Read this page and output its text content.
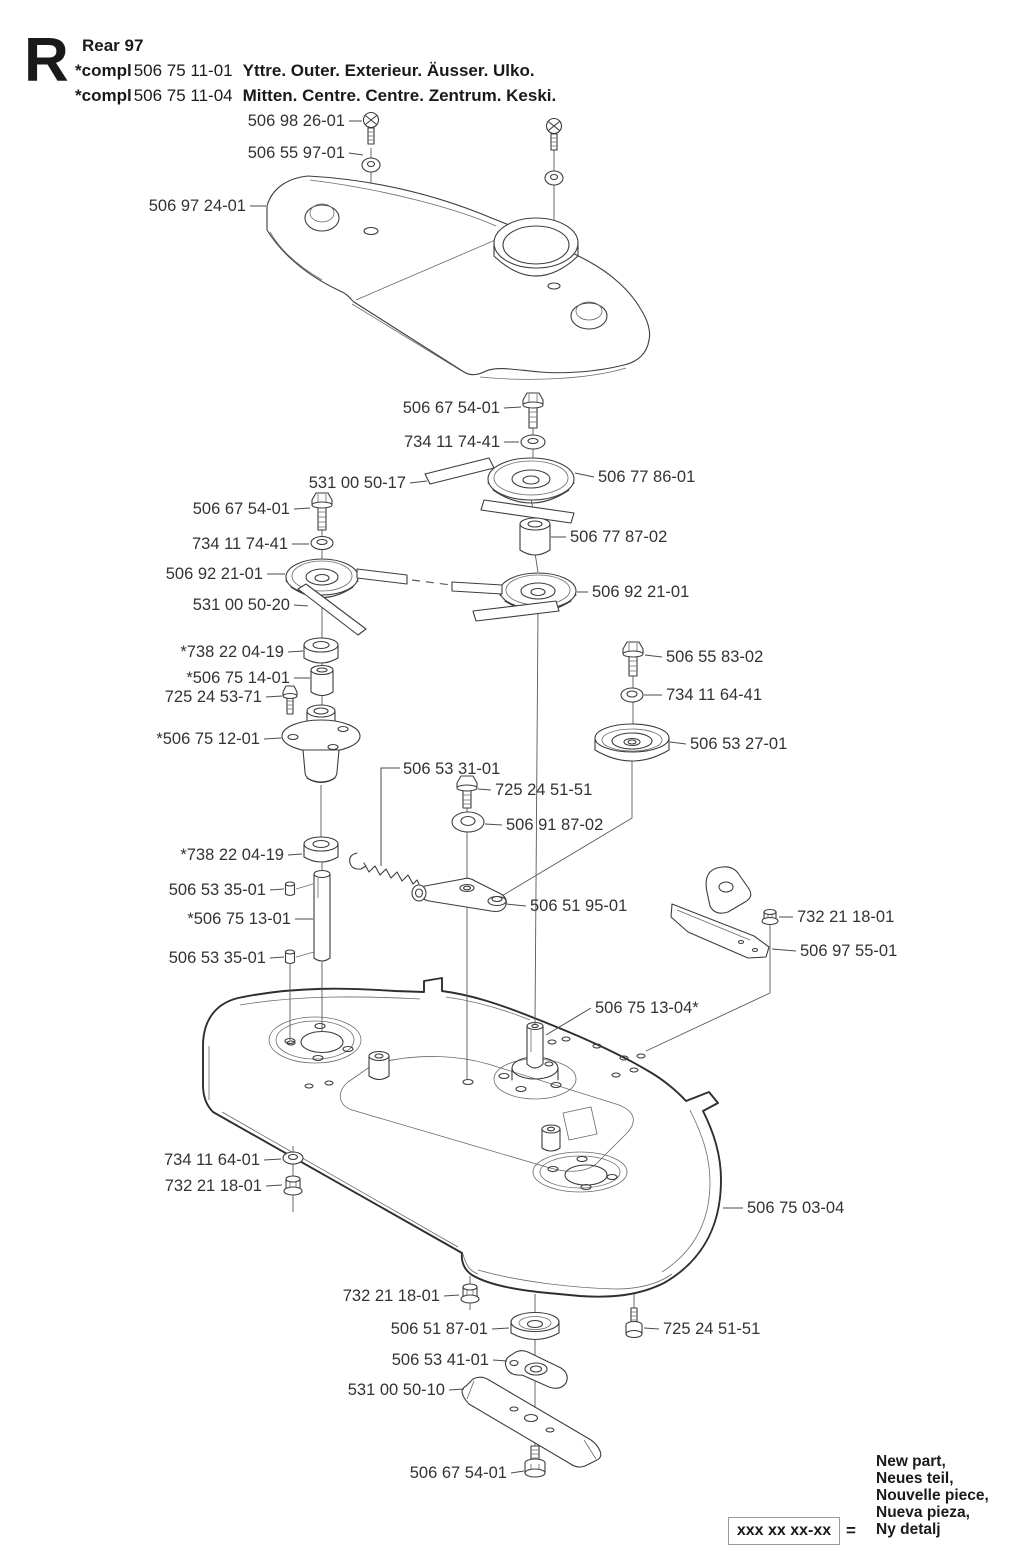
R Rear 97
*compl 506 75 11-01 Yttre. Outer. Exterieur. Äusser. Ulko.
*compl 506 75 11-04 Mitten. Centre. Centre. Zentrum. Keski.
506 98 26-01
506 55 97-01
506 97 24-01
506 67 54-01
734 11 74-41
531 00 50-17	506 77 86-01
506 67 54-01
734 11 74-41
506 92 21-01
531 00 50-20
506 77 87-02
506 92 21-01
*738 22 04-19
*506 75 14-01
725 24 53-71
*506 75 12-01
506 55 83-02
734 11 64-41
506 53 27-01
506 53 31-01
725 24 51-51
506 91 87-02
*738 22 04-19
506 53 35-01
*506 75 13-01
506 53 35-01
506 51 95-01
732 21 18-01
506 97 55-01
506 75 13-04*
734 11 64-01
732 21 18-01
506 75 03-04
732 21 18-01
506 51 87-01
506 53 41-01
531 00 50-10
725 24 51-51
506 67 54-01
xxx xx xx-xx =
New part,
Neues teil,
Nouvelle piece,
Nueva pieza,
Ny detalj
